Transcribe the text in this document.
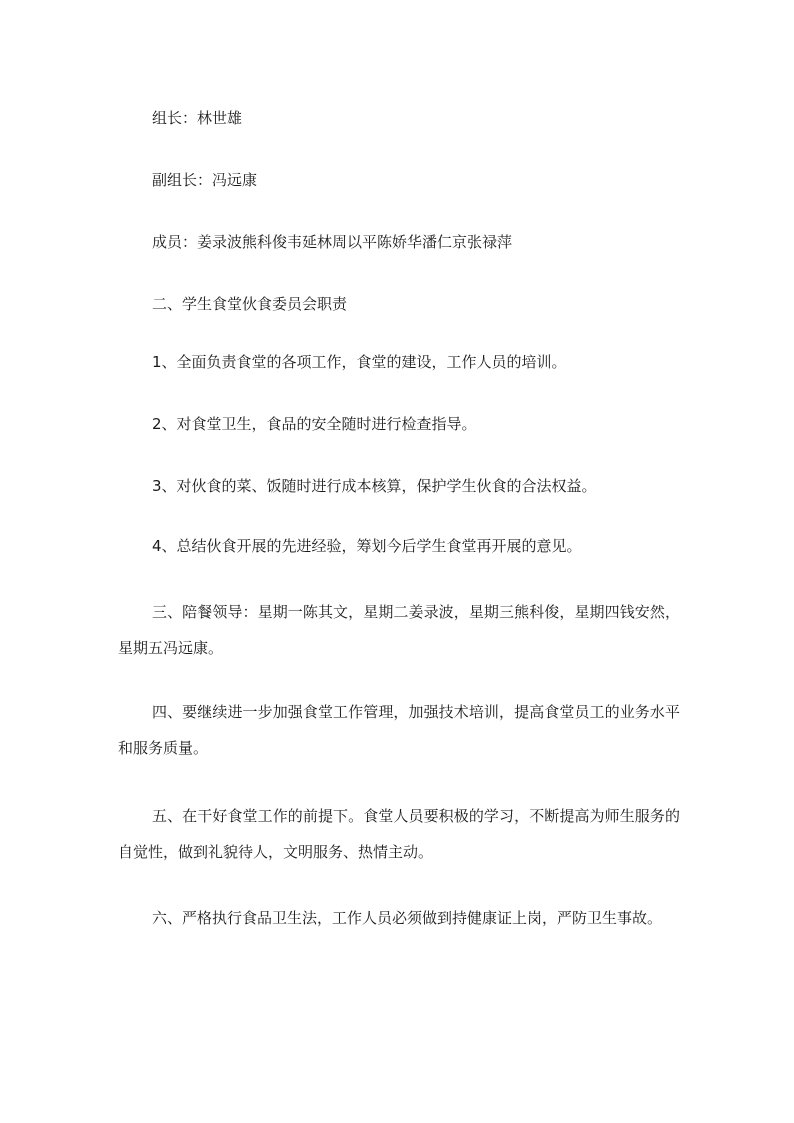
组长：林世雄

副组长：冯远康

成员：姜录波熊科俊韦延林周以平陈娇华潘仁京张禄萍

二、学生食堂伙食委员会职责

1、全面负责食堂的各项工作，食堂的建设，工作人员的培训。

2、对食堂卫生，食品的安全随时进行检查指导。

3、对伙食的菜、饭随时进行成本核算，保护学生伙食的合法权益。

4、总结伙食开展的先进经验，筹划今后学生食堂再开展的意见。

三、陪餐领导：星期一陈其文，星期二姜录波，星期三熊科俊，星期四钱安然，星期五冯远康。

四、要继续进一步加强食堂工作管理，加强技术培训，提高食堂员工的业务水平和服务质量。

五、在干好食堂工作的前提下。食堂人员要积极的学习，不断提高为师生服务的自觉性，做到礼貌待人，文明服务、热情主动。

六、严格执行食品卫生法，工作人员必须做到持健康证上岗，严防卫生事故。
